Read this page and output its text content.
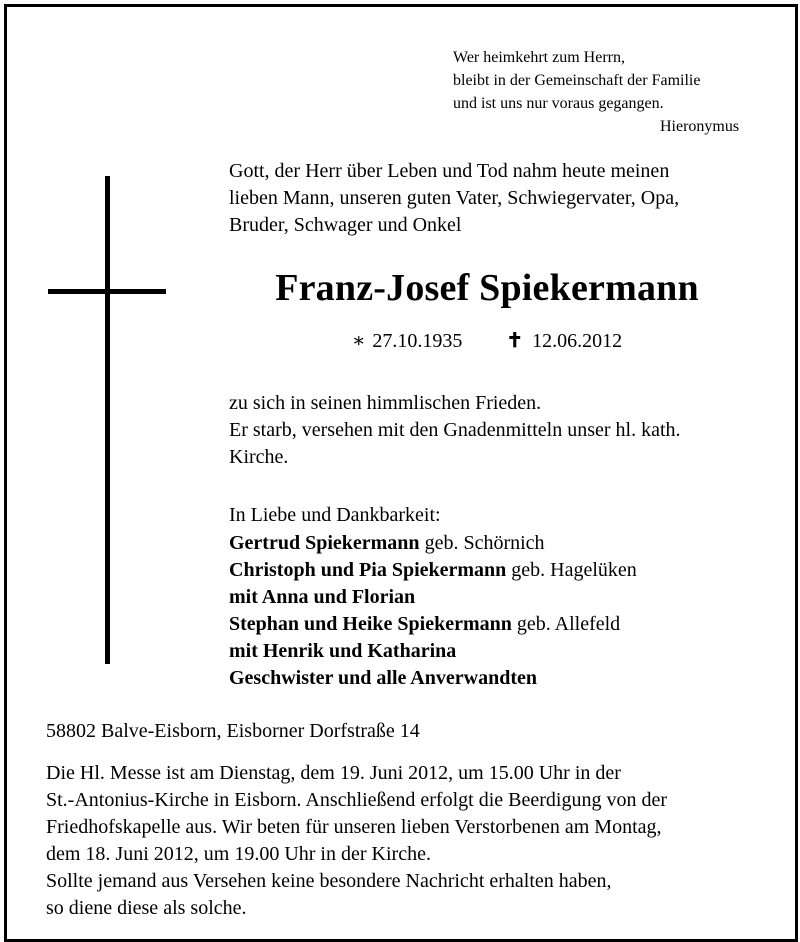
Wer heimkehrt zum Herrn,
bleibt in der Gemeinschaft der Familie
und ist uns nur voraus gegangen.
Hieronymus
Gott, der Herr über Leben und Tod nahm heute meinen
lieben Mann, unseren guten Vater, Schwiegervater, Opa,
Bruder, Schwager und Onkel
Franz-Josef Spiekermann
∗ 27.10.1935 ✝ 12.06.2012
zu sich in seinen himmlischen Frieden.
Er starb, versehen mit den Gnadenmitteln unser hl. kath.
Kirche.
In Liebe und Dankbarkeit:
Gertrud Spiekermann geb. Schörnich
Christoph und Pia Spiekermann geb. Hagelüken
mit Anna und Florian
Stephan und Heike Spiekermann geb. Allefeld
mit Henrik und Katharina
Geschwister und alle Anverwandten
58802 Balve-Eisborn, Eisborner Dorfstraße 14
Die Hl. Messe ist am Dienstag, dem 19. Juni 2012, um 15.00 Uhr in der
St.-Antonius-Kirche in Eisborn. Anschließend erfolgt die Beerdigung von der
Friedhofskapelle aus. Wir beten für unseren lieben Verstorbenen am Montag,
dem 18. Juni 2012, um 19.00 Uhr in der Kirche.
Sollte jemand aus Versehen keine besondere Nachricht erhalten haben,
so diene diese als solche.
